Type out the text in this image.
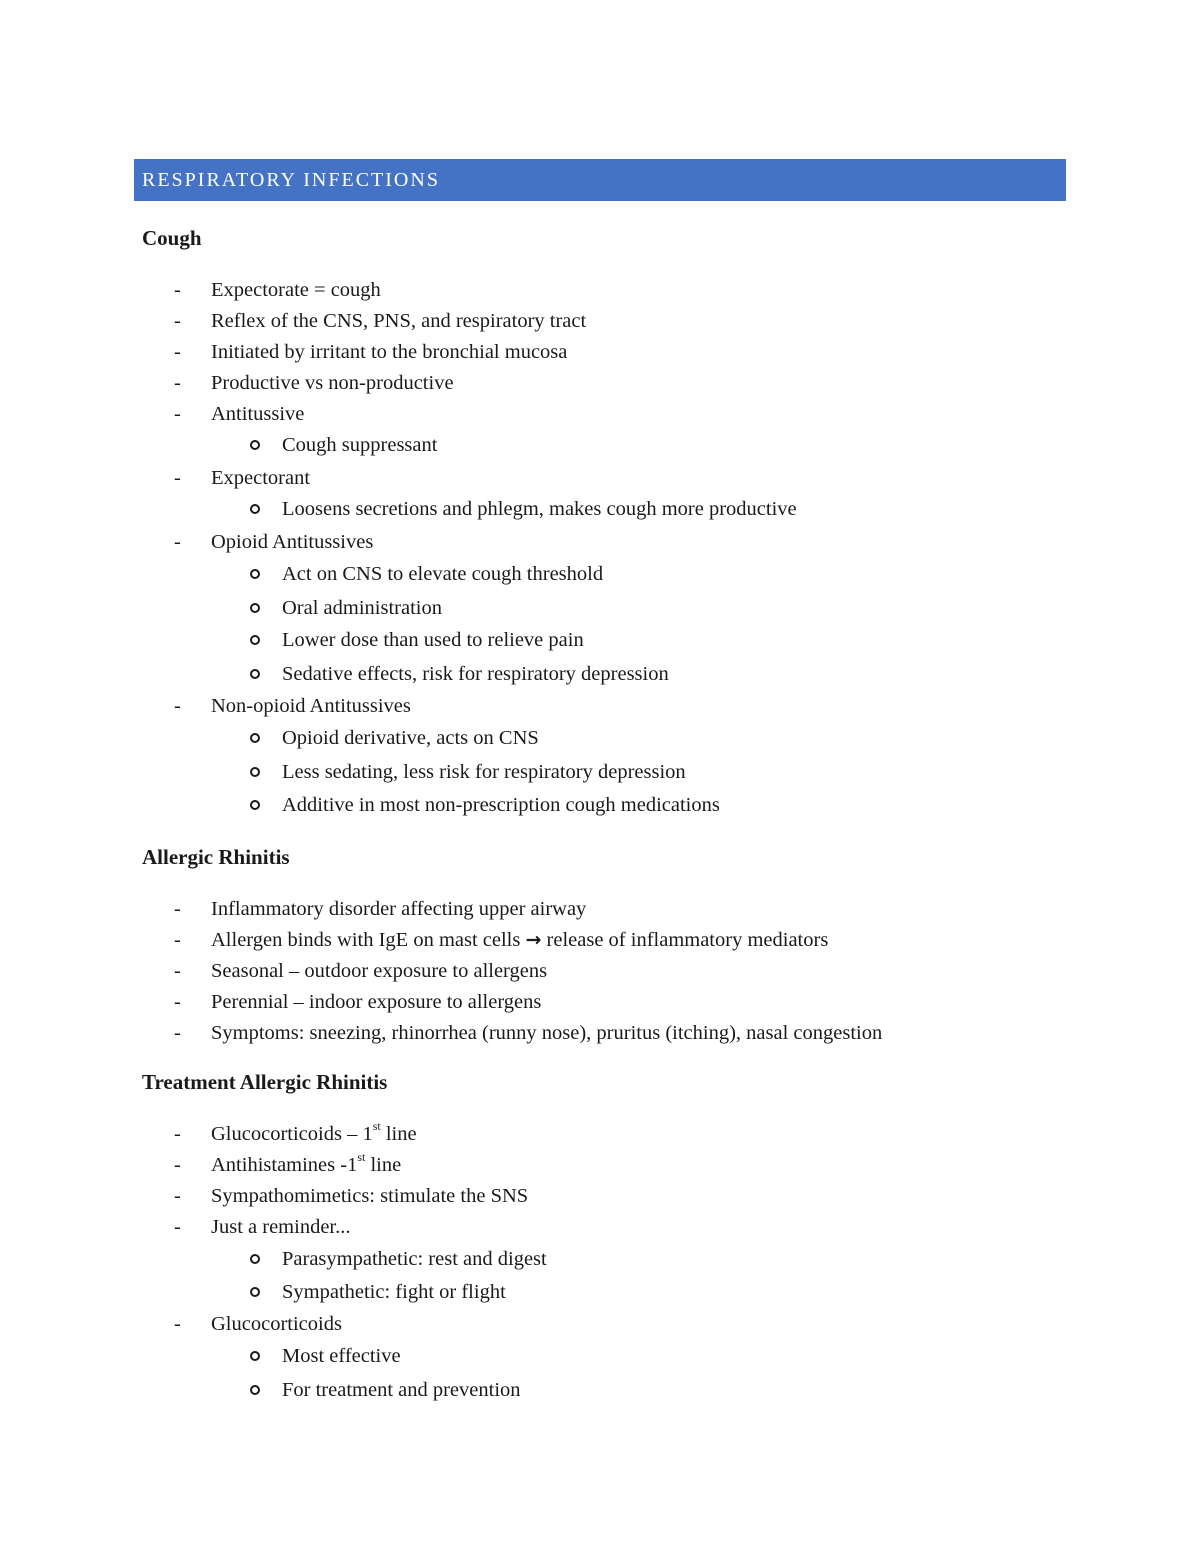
RESPIRATORY INFECTIONS
Cough
-	Expectorate = cough
-	Reflex of the CNS, PNS, and respiratory tract
-	Initiated by irritant to the bronchial mucosa
-	Productive vs non-productive
-	Antitussive
Cough suppressant
-	Expectorant
Loosens secretions and phlegm, makes cough more productive
-	Opioid Antitussives
Act on CNS to elevate cough threshold
Oral administration
Lower dose than used to relieve pain
Sedative effects, risk for respiratory depression
-	Non-opioid Antitussives
Opioid derivative, acts on CNS
Less sedating, less risk for respiratory depression
Additive in most non-prescription cough medications
Allergic Rhinitis
-	Inflammatory disorder affecting upper airway
-	Allergen binds with IgE on mast cells → release of inflammatory mediators
-	Seasonal – outdoor exposure to allergens
-	Perennial – indoor exposure to allergens
-	Symptoms: sneezing, rhinorrhea (runny nose), pruritus (itching), nasal congestion
Treatment Allergic Rhinitis
-	Glucocorticoids – 1st line
-	Antihistamines -1st line
-	Sympathomimetics: stimulate the SNS
-	Just a reminder...
Parasympathetic: rest and digest
Sympathetic: fight or flight
-	Glucocorticoids
Most effective
For treatment and prevention
